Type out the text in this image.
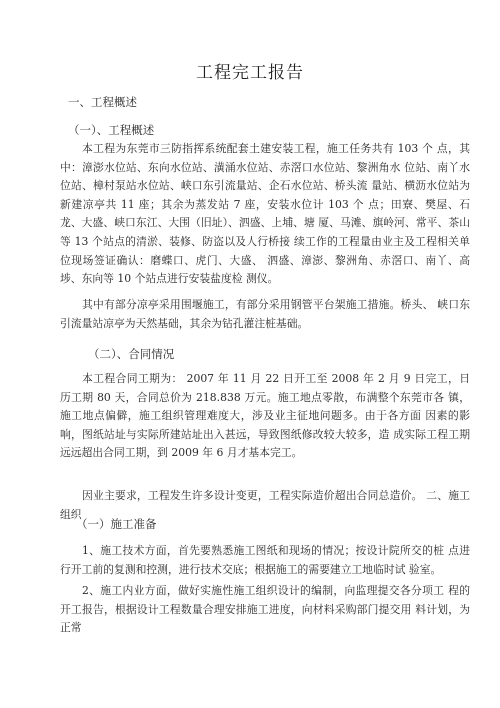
工程完工报告
一、工程概述
（一）、工程概述
本工程为东莞市三防指挥系统配套土建安装工程，施工任务共有 103 个 点，其中：漳澎水位站、东向水位站、潢涌水位站、赤滘口水位站、黎洲角水 位站、南丫水位站、樟村泵站水位站、峡口东引流量站、企石水位站、桥头流 量站、横沥水位站为新建凉亭共 11 座；其余为蒸发站 7 座，安装水位计 103 个 点；田寮、樊屋、石龙、大盛、峡口东江、大围（旧址）、泗盛、上埔、塘 厦、马滩、旗岭河、常平、茶山等 13 个站点的清淤、装修、防盗以及人行桥接 续工作的工程量由业主及工程相关单位现场签证确认：磨蝶口、虎门、大盛、 泗盛、漳澎、黎洲角、赤滘口、南丫、高埗、东向等 10 个站点进行安装盐度检 测仪。
其中有部分凉亭采用围堰施工，有部分采用钢管平台架施工措施。桥头、 峡口东引流量站凉亭为天然基础，其余为钻孔灌注桩基础。
（二）、合同情况
本工程合同工期为： 2007 年 11 月 22 日开工至 2008 年 2 月 9 日完工，日 历工期 80 天，合同总价为 218.838 万元。施工地点零散，布满整个东莞市各 镇，施工地点偏僻，施工组织管理难度大，涉及业主征地问题多。由于各方面 因素的影响，图纸站址与实际所建站址出入甚远，导致图纸修改较大较多，造 成实际工程工期远远超出合同工期，到 2009 年 6 月才基本完工。
因业主要求，工程发生许多设计变更，工程实际造价超出合同总造价。 二、施工组织
（一）施工准备
1、施工技术方面，首先要熟悉施工图纸和现场的情况；按设计院所交的桩 点进行开工前的复测和控测，进行技术交底；根据施工的需要建立工地临时试 验室。
2、施工内业方面，做好实施性施工组织设计的编制，向监理提交各分项工 程的开工报告，根据设计工程数量合理安排施工进度，向材料采购部门提交用 料计划，为正常
